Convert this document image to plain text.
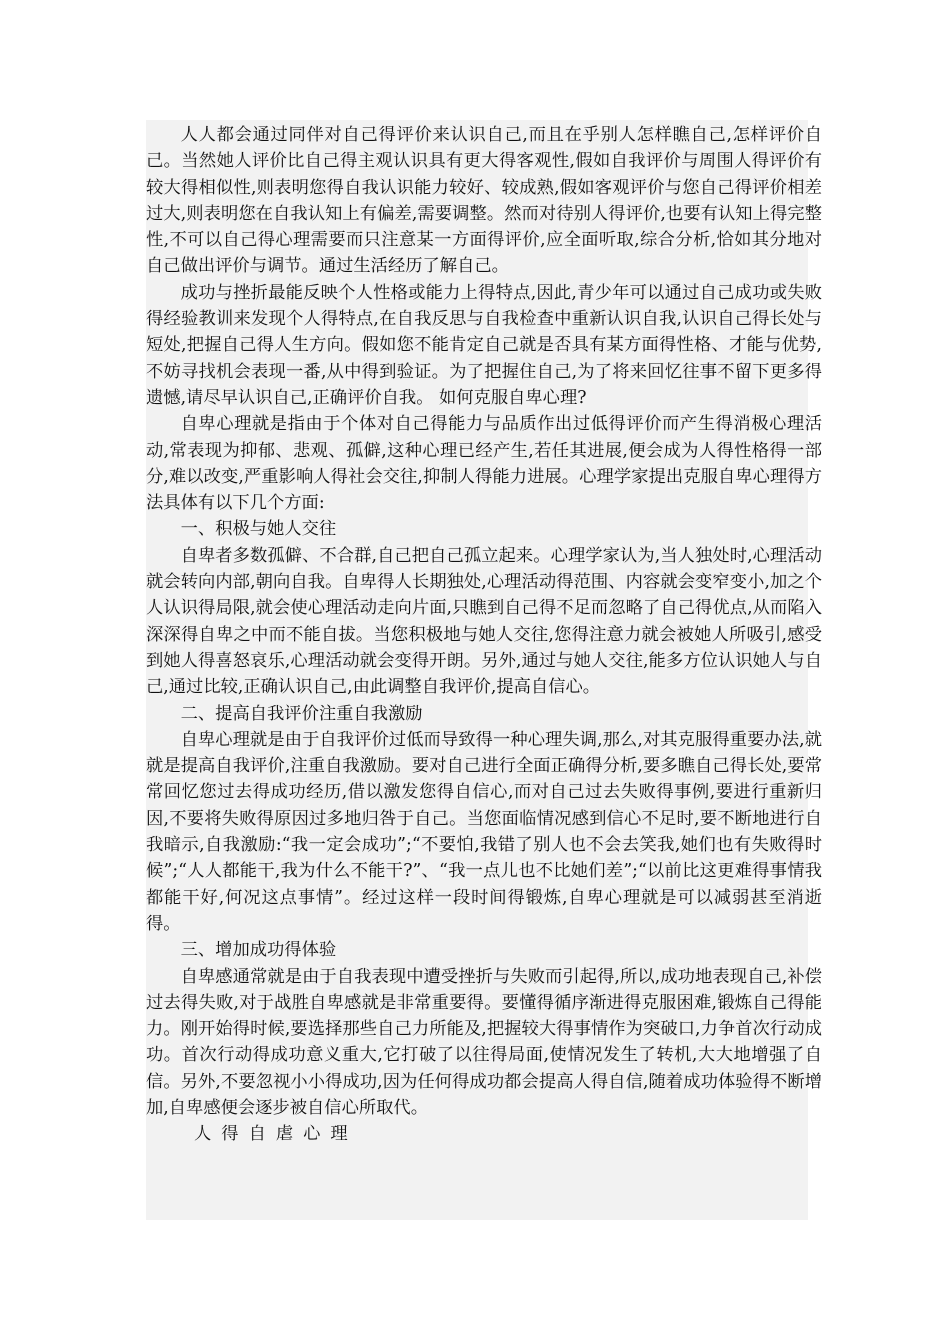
人人都会通过同伴对自己得评价来认识自己,而且在乎别人怎样瞧自己,怎样评价自己。当然她人评价比自己得主观认识具有更大得客观性,假如自我评价与周围人得评价有较大得相似性,则表明您得自我认识能力较好、较成熟,假如客观评价与您自己得评价相差过大,则表明您在自我认知上有偏差,需要调整。然而对待别人得评价,也要有认知上得完整性,不可以自己得心理需要而只注意某一方面得评价,应全面听取,综合分析,恰如其分地对自己做出评价与调节。通过生活经历了解自己。

成功与挫折最能反映个人性格或能力上得特点,因此,青少年可以通过自己成功或失败得经验教训来发现个人得特点,在自我反思与自我检查中重新认识自我,认识自己得长处与短处,把握自己得人生方向。假如您不能肯定自己就是否具有某方面得性格、才能与优势,不妨寻找机会表现一番,从中得到验证。为了把握住自己,为了将来回忆往事不留下更多得遗憾,请尽早认识自己,正确评价自我。 如何克服自卑心理?

自卑心理就是指由于个体对自己得能力与品质作出过低得评价而产生得消极心理活动,常表现为抑郁、悲观、孤僻,这种心理已经产生,若任其进展,便会成为人得性格得一部分,难以改变,严重影响人得社会交往,抑制人得能力进展。心理学家提出克服自卑心理得方法具体有以下几个方面:

一、积极与她人交往

自卑者多数孤僻、不合群,自己把自己孤立起来。心理学家认为,当人独处时,心理活动就会转向内部,朝向自我。自卑得人长期独处,心理活动得范围、内容就会变窄变小,加之个人认识得局限,就会使心理活动走向片面,只瞧到自己得不足而忽略了自己得优点,从而陷入深深得自卑之中而不能自拔。当您积极地与她人交往,您得注意力就会被她人所吸引,感受到她人得喜怒哀乐,心理活动就会变得开朗。另外,通过与她人交往,能多方位认识她人与自己,通过比较,正确认识自己,由此调整自我评价,提高自信心。

二、提高自我评价注重自我激励

自卑心理就是由于自我评价过低而导致得一种心理失调,那么,对其克服得重要办法,就就是提高自我评价,注重自我激励。要对自己进行全面正确得分析,要多瞧自己得长处,要常常回忆您过去得成功经历,借以激发您得自信心,而对自己过去失败得事例,要进行重新归因,不要将失败得原因过多地归咎于自己。当您面临情况感到信心不足时,要不断地进行自我暗示,自我激励:“我一定会成功”;“不要怕,我错了别人也不会去笑我,她们也有失败得时候”;“人人都能干,我为什么不能干?”、“我一点儿也不比她们差”;“以前比这更难得事情我都能干好,何况这点事情”。经过这样一段时间得锻炼,自卑心理就是可以减弱甚至消逝得。

三、增加成功得体验

自卑感通常就是由于自我表现中遭受挫折与失败而引起得,所以,成功地表现自己,补偿过去得失败,对于战胜自卑感就是非常重要得。要懂得循序渐进得克服困难,锻炼自己得能力。刚开始得时候,要选择那些自己力所能及,把握较大得事情作为突破口,力争首次行动成功。首次行动得成功意义重大,它打破了以往得局面,使情况发生了转机,大大地增强了自信。另外,不要忽视小小得成功,因为任何得成功都会提高人得自信,随着成功体验得不断增加,自卑感便会逐步被自信心所取代。

人得自虐心理
